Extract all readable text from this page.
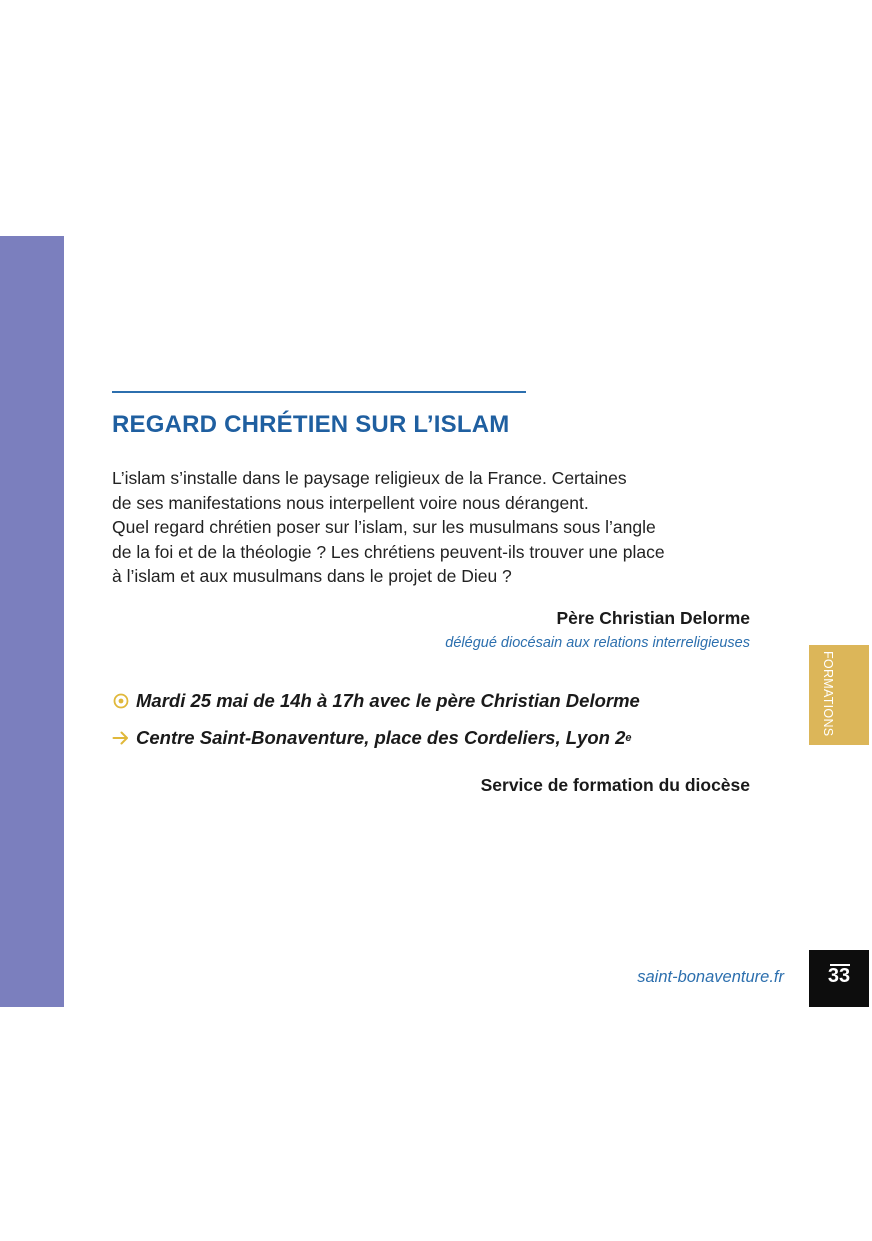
REGARD CHRÉTIEN SUR L’ISLAM
L’islam s’installe dans le paysage religieux de la France. Certaines
de ses manifestations nous interpellent voire nous dérangent.
Quel regard chrétien poser sur l’islam, sur les musulmans sous l’angle
de la foi et de la théologie ? Les chrétiens peuvent-ils trouver une place
à l’islam et aux musulmans dans le projet de Dieu ?
Père Christian Delorme
délégué diocésain aux relations interreligieuses
Mardi 25 mai de 14h à 17h avec le père Christian Delorme
Centre Saint-Bonaventure, place des Cordeliers, Lyon 2 e
Service de formation du diocèse
FORMATIONS
saint-bonaventure.fr	33
